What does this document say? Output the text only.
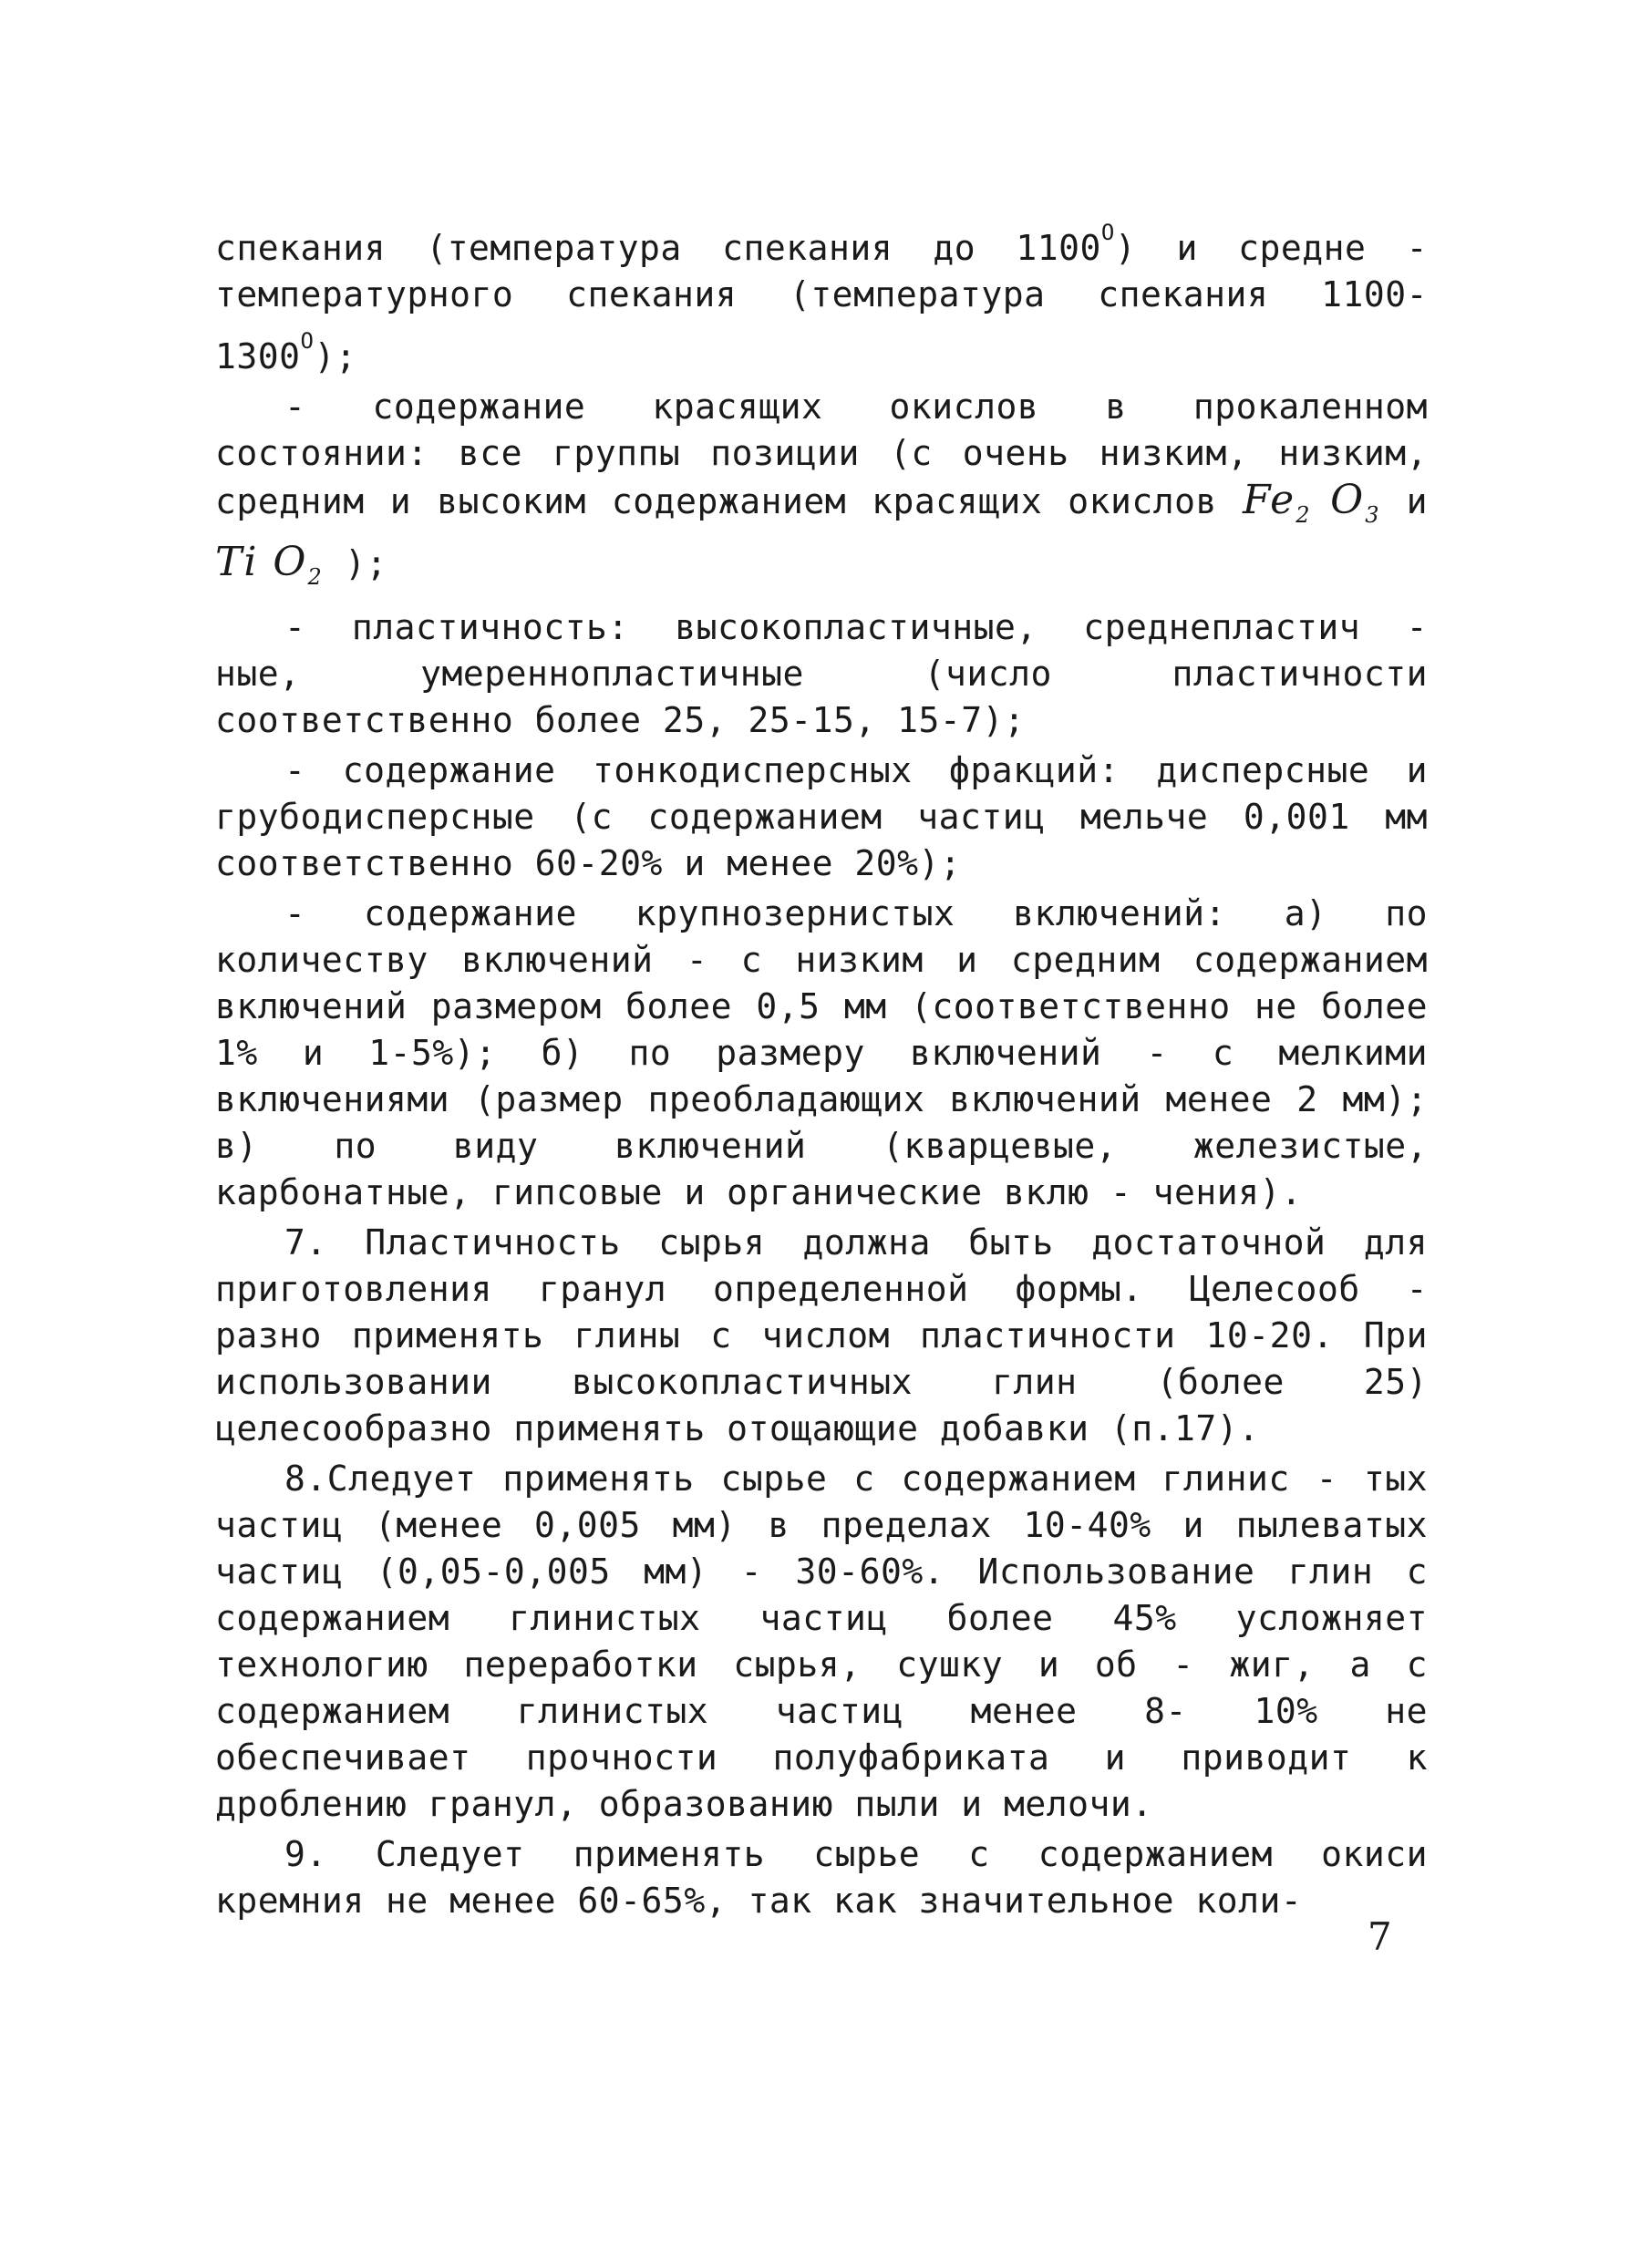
спекания (температура спекания до $1100^O$) и средне - температурного спекания (температура спекания $1100-1300^O$);

- содержание красящих окислов в прокаленном состоянии: все группы позиции (с очень низким, низким, средним и высоким содержанием красящих окислов $Fe_2$ $O_3$ и Ti $O_2$ );

- пластичность: высокопластичные, среднепластич - ные, умереннопластичные (число пластичности соответственно более 25, 25-15, 15-7);

- содержание тонкодисперсных фракций: дисперсные и грубодисперсные (с содержанием частиц мельче 0,001 мм соответственно 60-20% и менее 20%);

- содержание крупнозернистых включений: а) по количеству включений - с низким и средним содержанием включений размером более 0,5 мм (соответственно не более 1% и 1-5%); б) по размеру включений - с мелкими включениями (размер преобладающих включений менее 2 мм); в) по виду включений (кварцевые, железистые, карбонатные, гипсовые и органические вклю - чения).

7. Пластичность сырья должна быть достаточной для приготовления гранул определенной формы. Целесооб - разно применять глины с числом пластичности 10-20. При использовании высокопластичных глин (более 25) целесообразно применять отощающие добавки (п.17).

8.Следует применять сырье с содержанием глинис - тых частиц (менее 0,005 мм) в пределах 10-40% и пылеватых частиц (0,05-0,005 мм) - 30-60%. Использование глин с содержанием глинистых частиц более 45% усложняет технологию переработки сырья, сушку и об - жиг, а с содержанием глинистых частиц менее 8- 10% не обеспечивает прочности полуфабриката и приводит к дроблению гранул, образованию пыли и мелочи.

9. Следует применять сырье с содержанием окиси кремния не менее 60-65%, так как значительное коли-

7
